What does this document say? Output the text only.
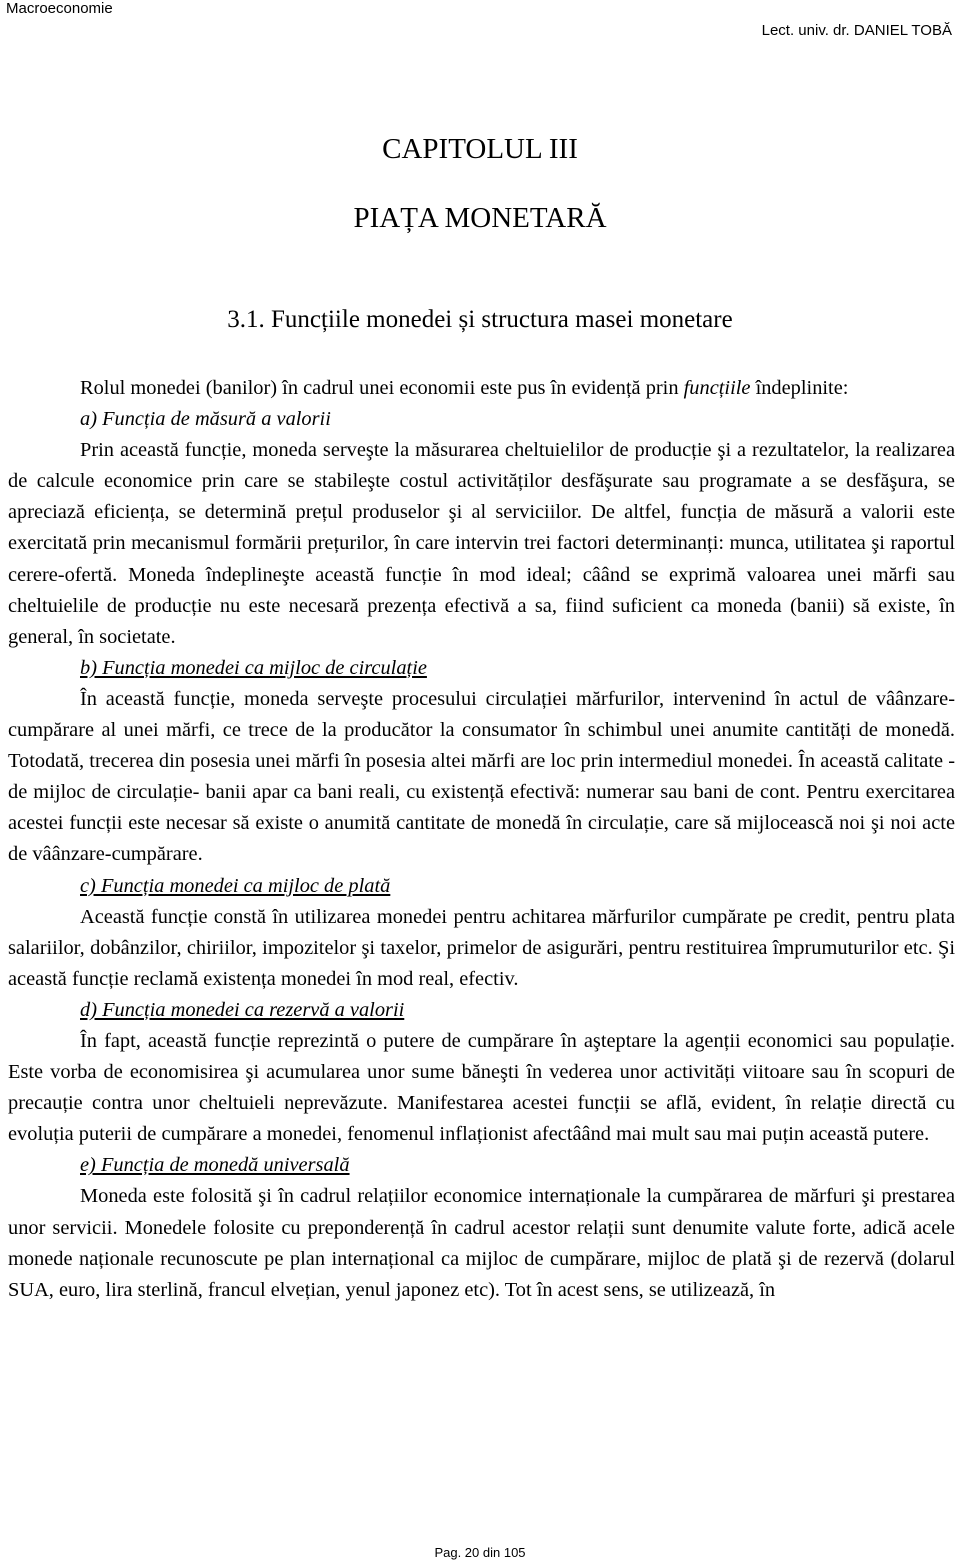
Macroeconomie
Lect. univ. dr. DANIEL TOBĂ
CAPITOLUL III
PIAȚA MONETARĂ
3.1. Funcțiile monedei și structura masei monetare

Rolul monedei (banilor) în cadrul unei economii este pus în evidență prin funcțiile îndeplinite:

a) Funcția de măsură a valorii

Prin această funcție, moneda serveşte la măsurarea cheltuielilor de producție şi a rezultatelor, la realizarea de calcule economice prin care se stabileşte costul activităților desfăşurate sau programate a se desfăşura, se apreciază eficiența, se determină prețul produselor şi al serviciilor. De altfel, funcția de măsură a valorii este exercitată prin mecanismul formării prețurilor, în care intervin trei factori determinanți: munca, utilitatea şi raportul cerere-ofertă. Moneda îndeplineşte această funcție în mod ideal; câând se exprimă valoarea unei mărfi sau cheltuielile de producție nu este necesară prezența efectivă a sa, fiind suficient ca moneda (banii) să existe, în general, în societate.

b) Funcția monedei ca mijloc de circulație

În această funcție, moneda serveşte procesului circulației mărfurilor, intervenind în actul de vâânzare-cumpărare al unei mărfi, ce trece de la producător la consumator în schimbul unei anumite cantități de monedă. Totodată, trecerea din posesia unei mărfi în posesia altei mărfi are loc prin intermediul monedei. În această calitate -de mijloc de circulație- banii apar ca bani reali, cu existență efectivă: numerar sau bani de cont. Pentru exercitarea acestei funcții este necesar să existe o anumită cantitate de monedă în circulație, care să mijlocească noi şi noi acte de vâânzare-cumpărare.

c) Funcția monedei ca mijloc de plată

Această funcție constă în utilizarea monedei pentru achitarea mărfurilor cumpărate pe credit, pentru plata salariilor, dobânzilor, chiriilor, impozitelor şi taxelor, primelor de asigurări, pentru restituirea împrumuturilor etc. Şi această funcție reclamă existența monedei în mod real, efectiv.

d) Funcția monedei ca rezervă a valorii

În fapt, această funcție reprezintă o putere de cumpărare în aşteptare la agenții economici sau populație. Este vorba de economisirea şi acumularea unor sume băneşti în vederea unor activități viitoare sau în scopuri de precauție contra unor cheltuieli neprevăzute. Manifestarea acestei funcții se află, evident, în relație directă cu evoluția puterii de cumpărare a monedei, fenomenul inflaționist afectâând mai mult sau mai puțin această putere.

e) Funcția de monedă universală

Moneda este folosită şi în cadrul relațiilor economice internaționale la cumpărarea de mărfuri şi prestarea unor servicii. Monedele folosite cu preponderență în cadrul acestor relații sunt denumite valute forte, adică acele monede naționale recunoscute pe plan internațional ca mijloc de cumpărare, mijloc de plată şi de rezervă (dolarul SUA, euro, lira sterlină, francul elvețian, yenul japonez etc). Tot în acest sens, se utilizează, în

Pag. 20 din 105
